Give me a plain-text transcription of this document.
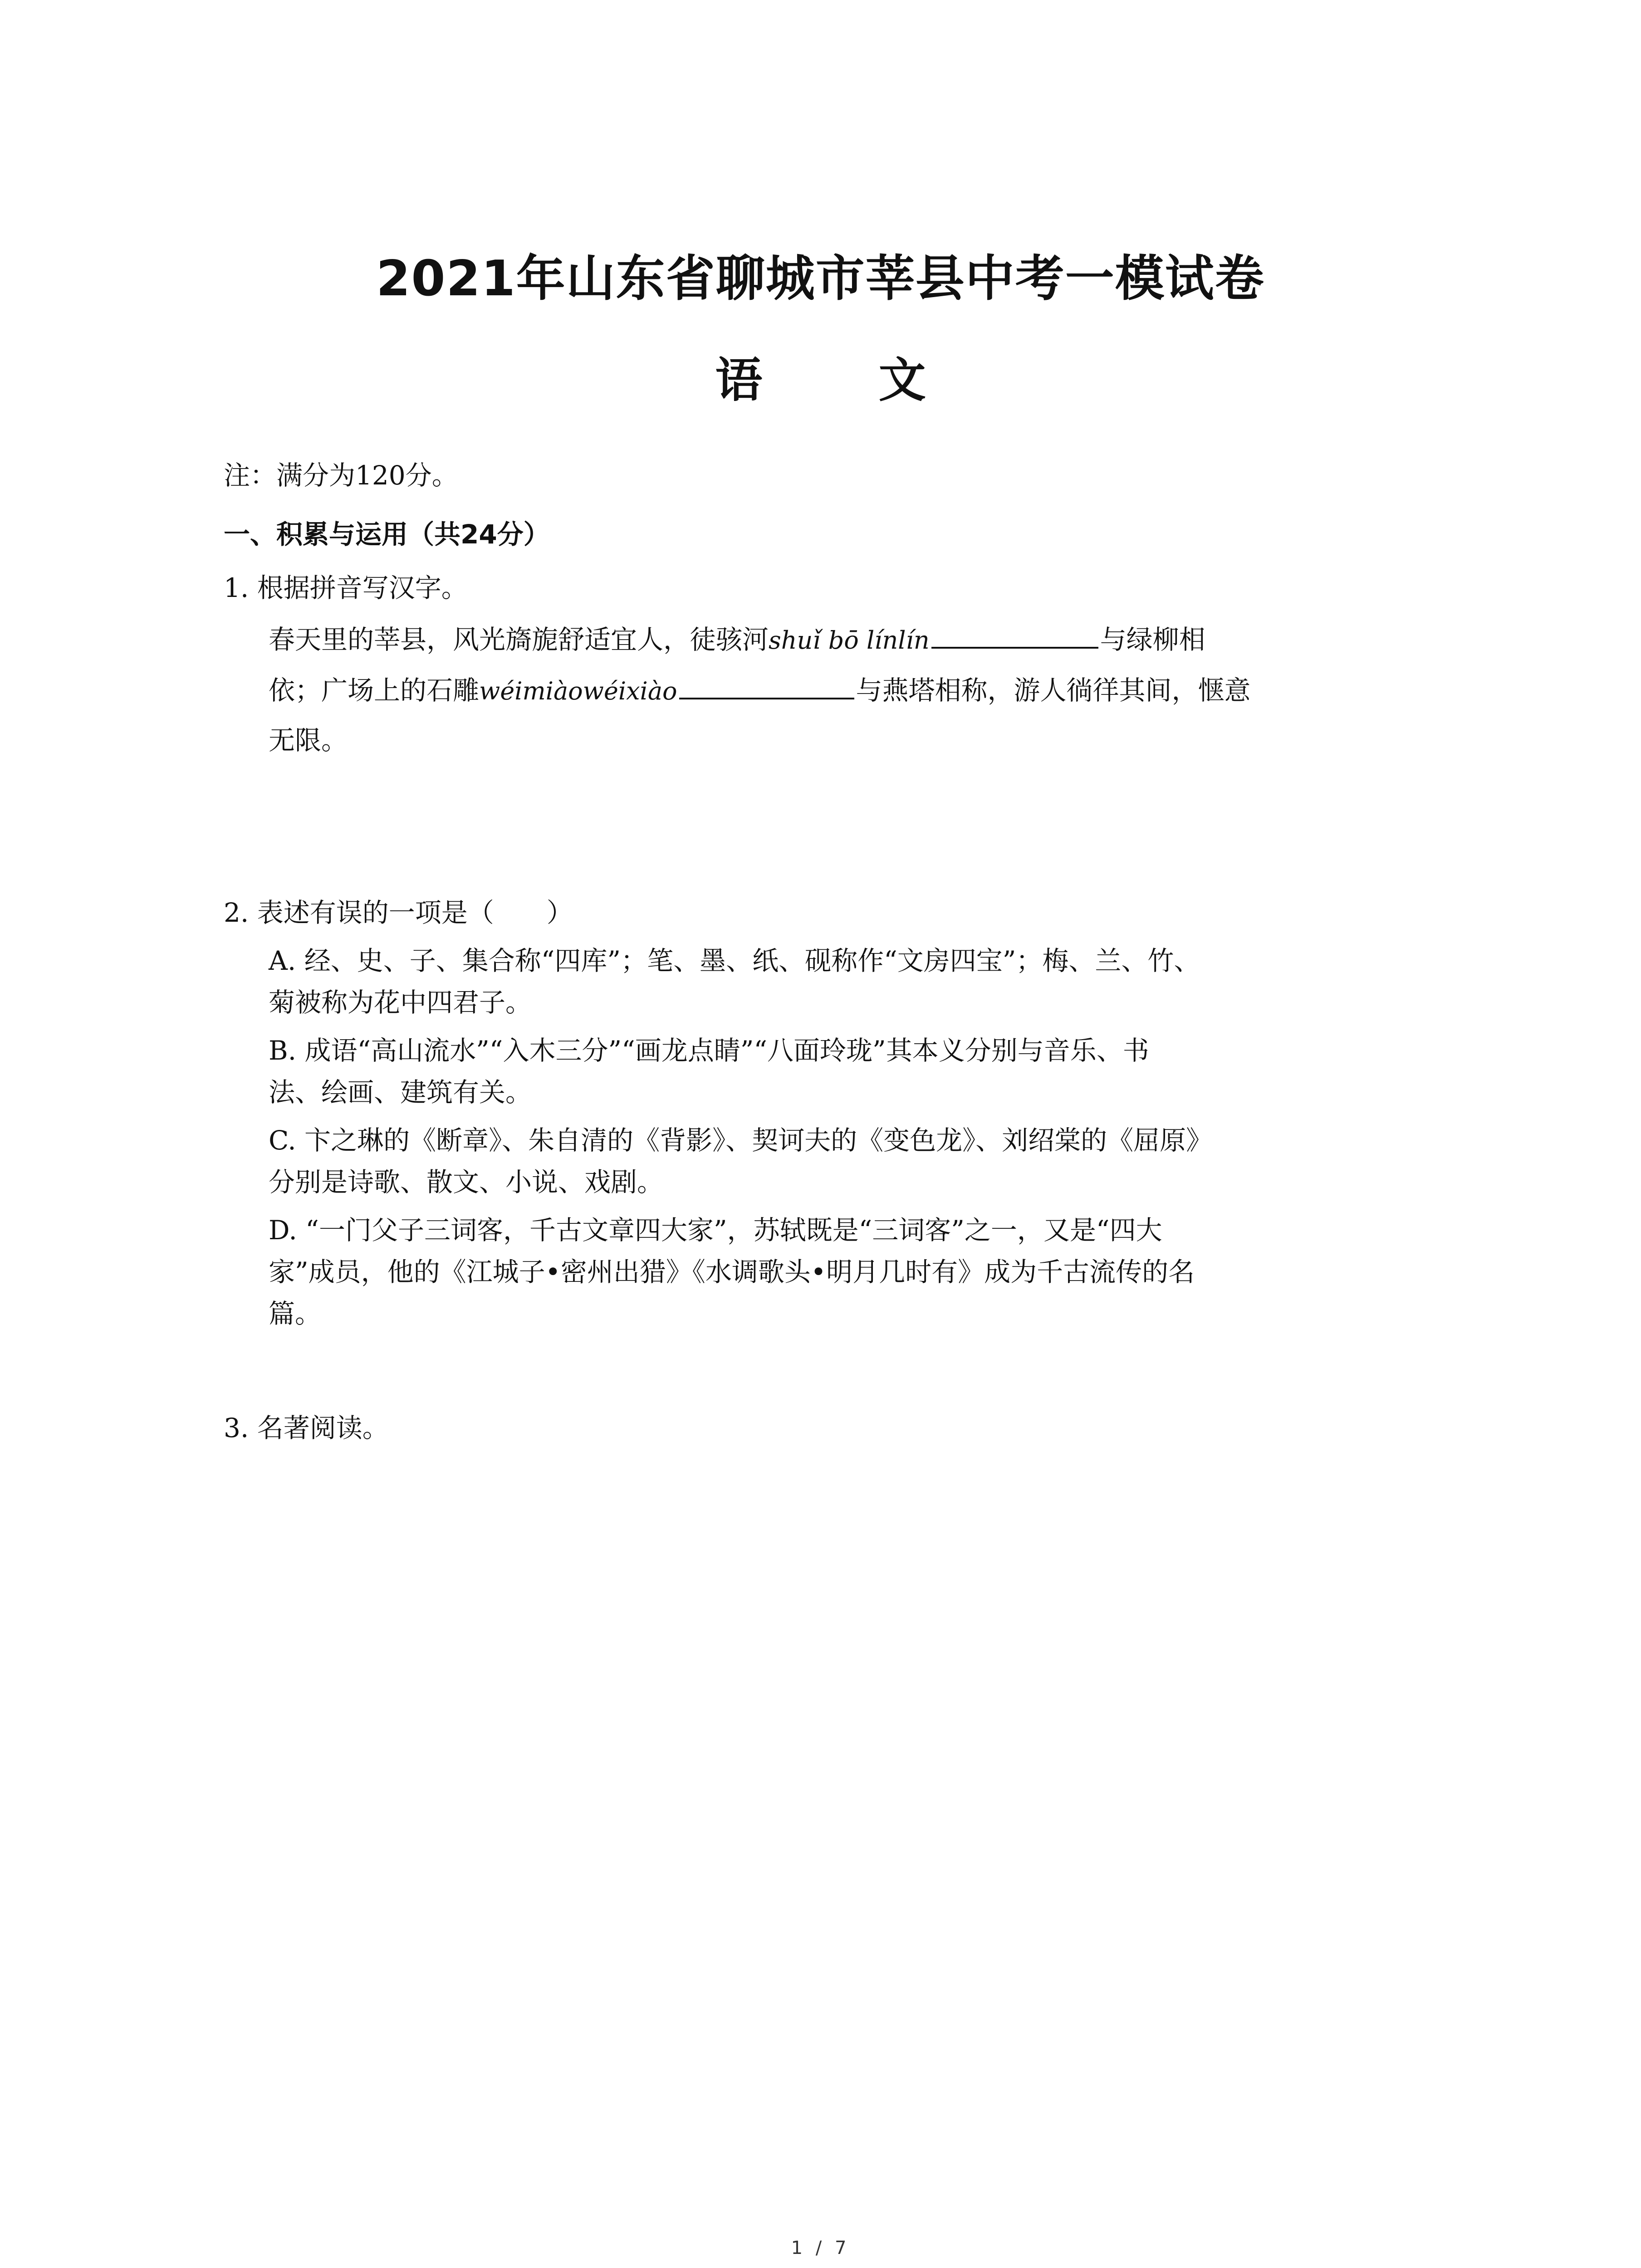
2021年山东省聊城市莘县中考一模试卷
语 文
注：满分为120分。
一、积累与运用（共24分）
1. 根据拼音写汉字。
春天里的莘县，风光旖旎舒适宜人，徒骇河shuǐ bō línlín	与绿柳相
依；广场上的石雕wéimiàowéixiào	与燕塔相称，游人徜徉其间，惬意
无限。
2. 表述有误的一项是（　　）
A. 经、史、子、集合称“四库”；笔、墨、纸、砚称作“文房四宝”；梅、兰、竹、
菊被称为花中四君子。
B. 成语“高山流水”“入木三分”“画龙点睛”“八面玲珑”其本义分别与音乐、书
法、绘画、建筑有关。
C. 卞之琳的《断章》、朱自清的《背影》、契诃夫的《变色龙》、刘绍棠的《屈原》
分别是诗歌、散文、小说、戏剧。
D. “一门父子三词客，千古文章四大家”，苏轼既是“三词客”之一，又是“四大
家”成员，他的《江城子•密州出猎》《水调歌头•明月几时有》成为千古流传的名
篇。
3. 名著阅读。
1 / 7
